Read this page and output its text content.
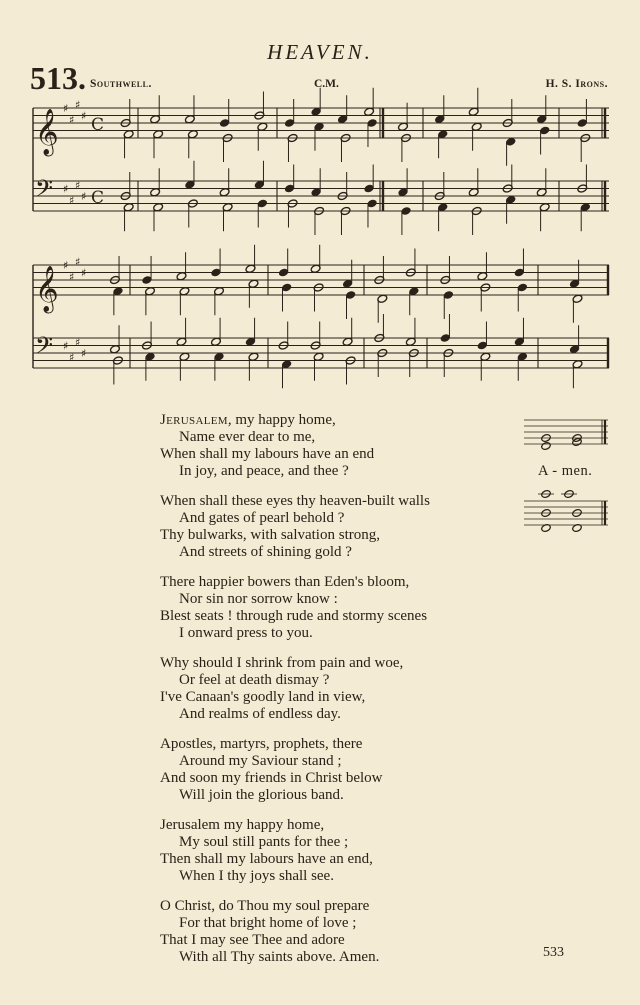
HEAVEN.
513. Southwell.	C.M.	H. S. Irons.
𝄞
𝄢
♯
♯
♯
♯
♯
♯
♯
♯
C
C
𝄞
𝄢
♯
♯
♯
♯
♯
♯
♯
♯
Jerusalem, my happy home,
Name ever dear to me,
When shall my labours have an end
In joy, and peace, and thee ?
When shall these eyes thy heaven-built walls
And gates of pearl behold ?
Thy bulwarks, with salvation strong,
And streets of shining gold ?
There happier bowers than Eden's bloom,
Nor sin nor sorrow know :
Blest seats ! through rude and stormy scenes
I onward press to you.
Why should I shrink from pain and woe,
Or feel at death dismay ?
I've Canaan's goodly land in view,
And realms of endless day.
Apostles, martyrs, prophets, there
Around my Saviour stand ;
And soon my friends in Christ below
Will join the glorious band.
Jerusalem my happy home,
My soul still pants for thee ;
Then shall my labours have an end,
When I thy joys shall see.
O Christ, do Thou my soul prepare
For that bright home of love ;
That I may see Thee and adore
With all Thy saints above. Amen.
A - men.
533
